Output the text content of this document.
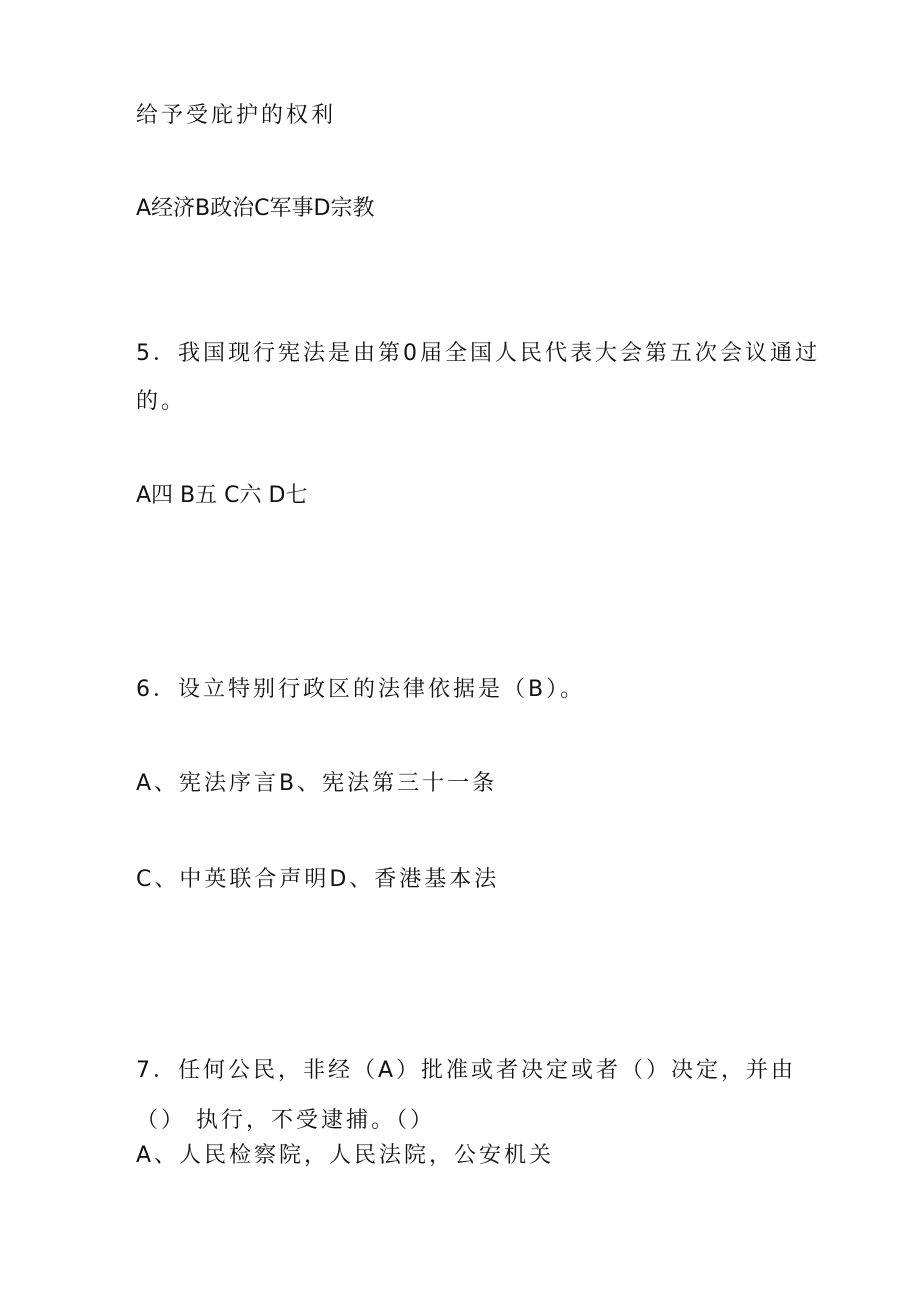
给予受庇护的权利
A经济B政治C军事D宗教
5．我国现行宪法是由第0届全国人民代表大会第五次会议通过
的。
A四 B五 C六 D七
6．设立特别行政区的法律依据是（B）。
A、宪法序言B、宪法第三十一条
C、中英联合声明D、香港基本法
7．任何公民，非经（A）批准或者决定或者（）决定，并由
（） 执行，不受逮捕。（）
A、人民检察院，人民法院，公安机关
